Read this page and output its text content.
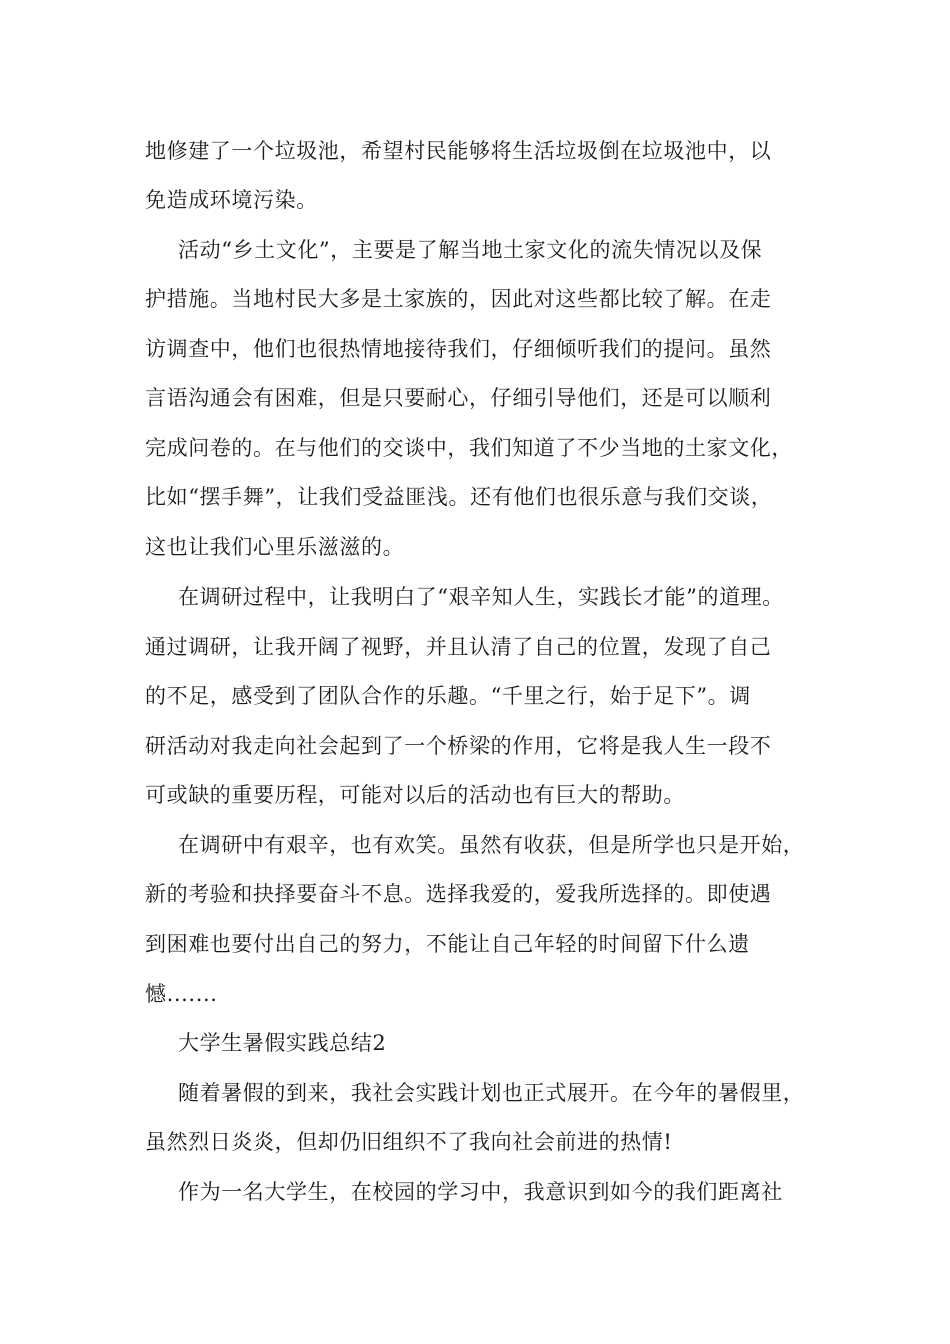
地修建了一个垃圾池，希望村民能够将生活垃圾倒在垃圾池中，以

免造成环境污染。

活动“乡土文化”，主要是了解当地土家文化的流失情况以及保

护措施。当地村民大多是土家族的，因此对这些都比较了解。在走

访调查中，他们也很热情地接待我们，仔细倾听我们的提问。虽然

言语沟通会有困难，但是只要耐心，仔细引导他们，还是可以顺利

完成问卷的。在与他们的交谈中，我们知道了不少当地的土家文化，

比如“摆手舞”，让我们受益匪浅。还有他们也很乐意与我们交谈，

这也让我们心里乐滋滋的。

在调研过程中，让我明白了“艰辛知人生，实践长才能”的道理。

通过调研，让我开阔了视野，并且认清了自己的位置，发现了自己

的不足，感受到了团队合作的乐趣。“千里之行，始于足下”。调

研活动对我走向社会起到了一个桥梁的作用，它将是我人生一段不

可或缺的重要历程，可能对以后的活动也有巨大的帮助。

在调研中有艰辛，也有欢笑。虽然有收获，但是所学也只是开始，

新的考验和抉择要奋斗不息。选择我爱的，爱我所选择的。即使遇

到困难也要付出自己的努力，不能让自己年轻的时间留下什么遗

憾.......

大学生暑假实践总结2

随着暑假的到来，我社会实践计划也正式展开。在今年的暑假里，

虽然烈日炎炎，但却仍旧组织不了我向社会前进的热情!

作为一名大学生，在校园的学习中，我意识到如今的我们距离社
